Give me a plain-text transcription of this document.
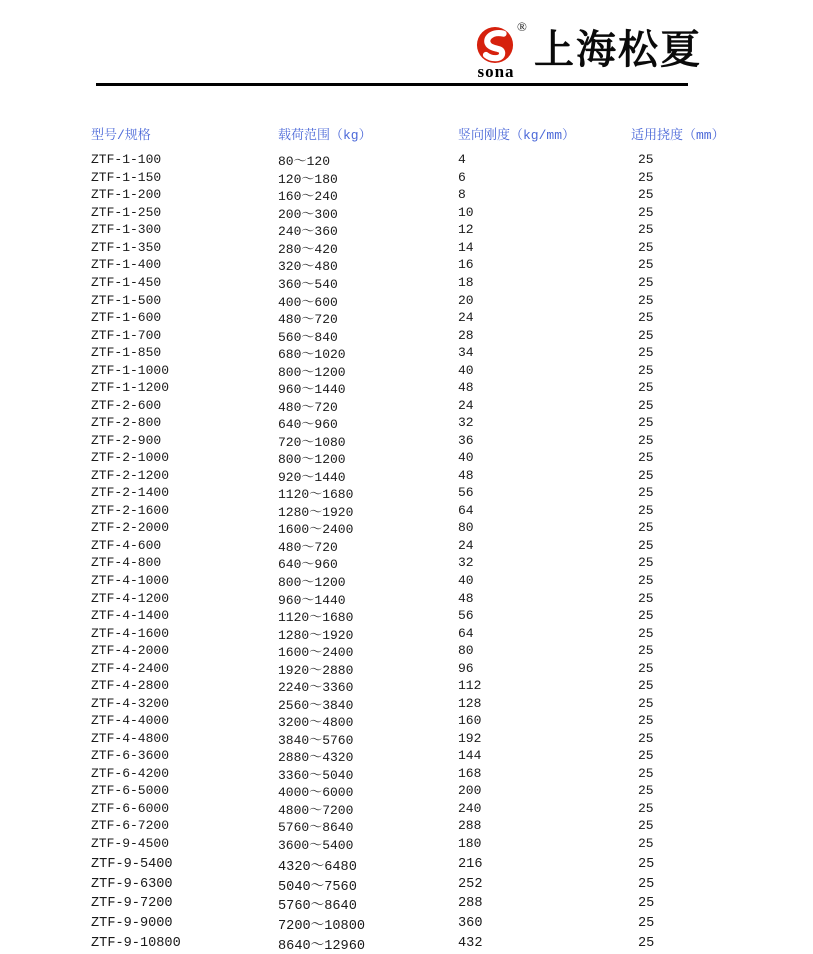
®
sona 上海松夏
型号/规格	载荷范围（kg）	竖向刚度（kg/mm）	适用挠度（mm）
ZTF-1-100	80～120	4	25
ZTF-1-150	120～180	6	25
ZTF-1-200	160～240	8	25
ZTF-1-250	200～300	10	25
ZTF-1-300	240～360	12	25
ZTF-1-350	280～420	14	25
ZTF-1-400	320～480	16	25
ZTF-1-450	360～540	18	25
ZTF-1-500	400～600	20	25
ZTF-1-600	480～720	24	25
ZTF-1-700	560～840	28	25
ZTF-1-850	680～1020	34	25
ZTF-1-1000	800～1200	40	25
ZTF-1-1200	960～1440	48	25
ZTF-2-600	480～720	24	25
ZTF-2-800	640～960	32	25
ZTF-2-900	720～1080	36	25
ZTF-2-1000	800～1200	40	25
ZTF-2-1200	920～1440	48	25
ZTF-2-1400	1120～1680	56	25
ZTF-2-1600	1280～1920	64	25
ZTF-2-2000	1600～2400	80	25
ZTF-4-600	480～720	24	25
ZTF-4-800	640～960	32	25
ZTF-4-1000	800～1200	40	25
ZTF-4-1200	960～1440	48	25
ZTF-4-1400	1120～1680	56	25
ZTF-4-1600	1280～1920	64	25
ZTF-4-2000	1600～2400	80	25
ZTF-4-2400	1920～2880	96	25
ZTF-4-2800	2240～3360	112	25
ZTF-4-3200	2560～3840	128	25
ZTF-4-4000	3200～4800	160	25
ZTF-4-4800	3840～5760	192	25
ZTF-6-3600	2880～4320	144	25
ZTF-6-4200	3360～5040	168	25
ZTF-6-5000	4000～6000	200	25
ZTF-6-6000	4800～7200	240	25
ZTF-6-7200	5760～8640	288	25
ZTF-9-4500	3600～5400	180	25
ZTF-9-5400	4320～6480	216	25
ZTF-9-6300	5040～7560	252	25
ZTF-9-7200	5760～8640	288	25
ZTF-9-9000	7200～10800	360	25
ZTF-9-10800	8640～12960	432	25
